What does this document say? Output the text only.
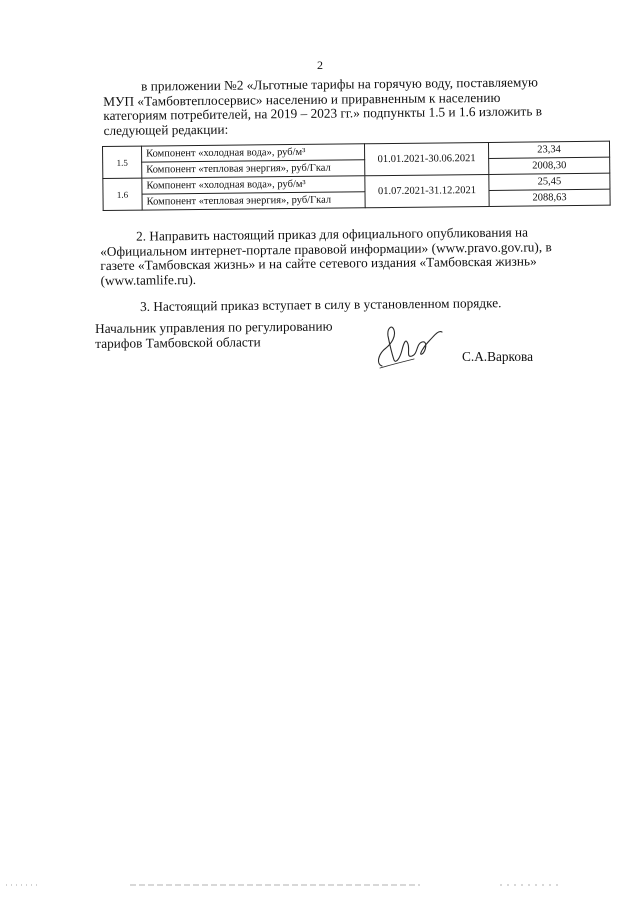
2
в приложении №2 «Льготные тарифы на горячую воду, поставляемую
МУП «Тамбовтеплосервис» населению и приравненным к населению
категориям потребителей, на 2019 – 2023 гг.» подпункты 1.5 и 1.6 изложить в
следующей редакции:
1.5	Компонент «холодная вода», руб/м³	01.01.2021-30.06.2021	23,34
	Компонент «тепловая энергия», руб/Гкал		2008,30
1.6	Компонент «холодная вода», руб/м³	01.07.2021-31.12.2021	25,45
	Компонент «тепловая энергия», руб/Гкал		2088,63
2. Направить настоящий приказ для официального опубликования на
«Официальном интернет-портале правовой информации» (www.pravo.gov.ru), в
газете «Тамбовская жизнь» и на сайте сетевого издания «Тамбовская жизнь»
(www.tamlife.ru).
3. Настоящий приказ вступает в силу в установленном порядке.
Начальник управления по регулированию
тарифов Тамбовской области
С.А.Варкова
